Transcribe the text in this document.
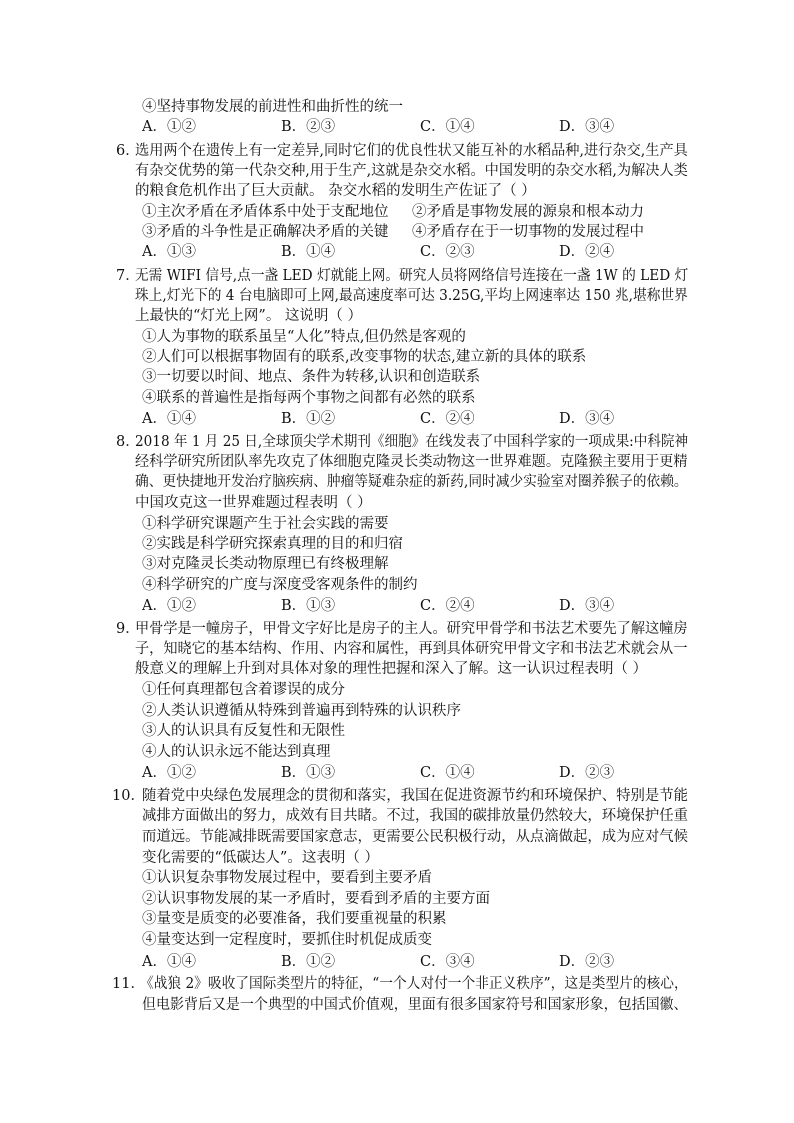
④坚持事物发展的前进性和曲折性的统一
A．①②	B．②③	C．①④	D．③④
6．
选用两个在遗传上有一定差异,同时它们的优良性状又能互补的水稻品种,进行杂交,生产具
有杂交优势的第一代杂交种,用于生产,这就是杂交水稻。中国发明的杂交水稻,为解决人类
的粮食危机作出了巨大贡献。 杂交水稻的发明生产佐证了（ ）
①主次矛盾在矛盾体系中处于支配地位 ②矛盾是事物发展的源泉和根本动力
③矛盾的斗争性是正确解决矛盾的关键 ④矛盾存在于一切事物的发展过程中
A．①③	B．①④	C．②③	D．②④
7．
无需 WIFI 信号,点一盏 LED 灯就能上网。研究人员将网络信号连接在一盏 1W 的 LED 灯
珠上,灯光下的 4 台电脑即可上网,最高速度率可达 3.25G,平均上网速率达 150 兆,堪称世界
上最快的“灯光上网”。 这说明（ ）
①人为事物的联系虽呈“人化”特点,但仍然是客观的
②人们可以根据事物固有的联系,改变事物的状态,建立新的具体的联系
③一切要以时间、地点、条件为转移,认识和创造联系
④联系的普遍性是指每两个事物之间都有必然的联系
A．①④	B．①②	C．②④	D．③④
8．
2018 年 1 月 25 日,全球顶尖学术期刊《细胞》在线发表了中国科学家的一项成果:中科院神
经科学研究所团队率先攻克了体细胞克隆灵长类动物这一世界难题。克隆猴主要用于更精
确、更快捷地开发治疗脑疾病、肿瘤等疑难杂症的新药,同时减少实验室对圈养猴子的依赖。
中国攻克这一世界难题过程表明（ ）
①科学研究课题产生于社会实践的需要
②实践是科学研究探索真理的目的和归宿
③对克隆灵长类动物原理已有终极理解
④科学研究的广度与深度受客观条件的制约
A．①②	B．①③	C．②④	D．③④
9．
甲骨学是一幢房子，甲骨文字好比是房子的主人。研究甲骨学和书法艺术要先了解这幢房
子，知晓它的基本结构、作用、内容和属性，再到具体研究甲骨文字和书法艺术就会从一
般意义的理解上升到对具体对象的理性把握和深入了解。这一认识过程表明（ ）
①任何真理都包含着谬误的成分
②人类认识遵循从特殊到普遍再到特殊的认识秩序
③人的认识具有反复性和无限性
④人的认识永远不能达到真理
A．①②	B．①③	C．①④	D．②③
10．
随着党中央绿色发展理念的贯彻和落实，我国在促进资源节约和环境保护、特别是节能
减排方面做出的努力，成效有目共睹。不过，我国的碳排放量仍然较大，环境保护任重
而道远。节能减排既需要国家意志，更需要公民积极行动，从点滴做起，成为应对气候
变化需要的“低碳达人”。这表明（ ）
①认识复杂事物发展过程中，要看到主要矛盾
②认识事物发展的某一矛盾时，要看到矛盾的主要方面
③量变是质变的必要准备，我们要重视量的积累
④量变达到一定程度时，要抓住时机促成质变
A．①④	B．①②	C．③④	D．②③
11．
《战狼 2》吸收了国际类型片的特征，“一个人对付一个非正义秩序”，这是类型片的核心，
但电影背后又是一个典型的中国式价值观，里面有很多国家符号和国家形象，包括国徽、
